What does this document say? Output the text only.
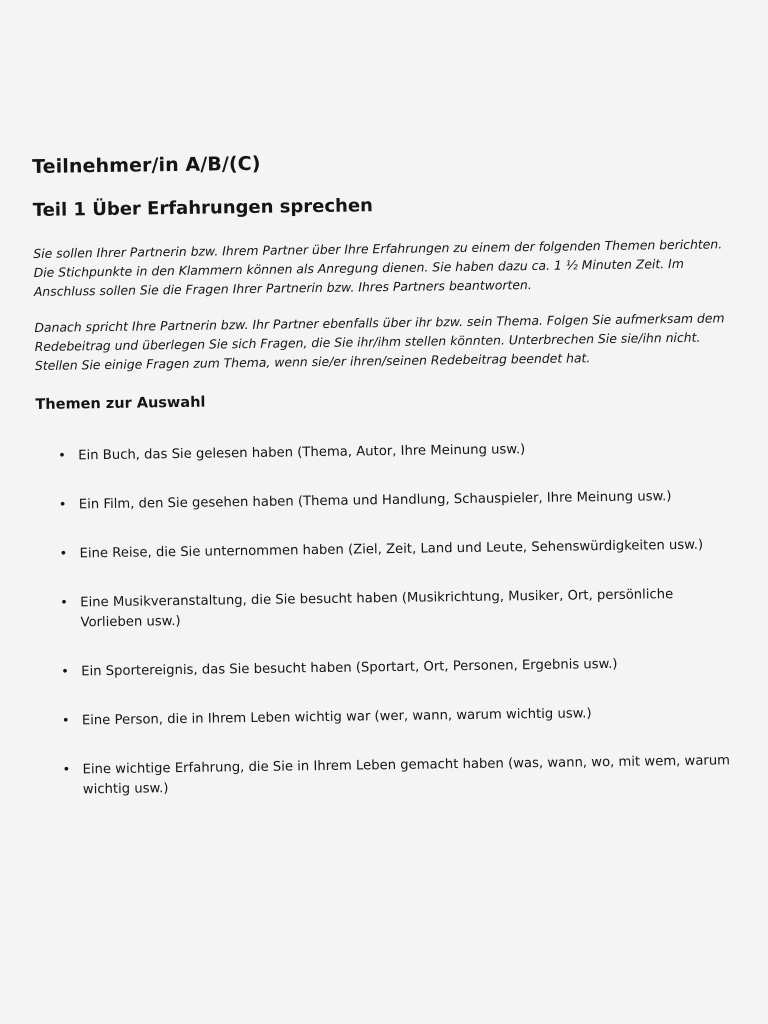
Teilnehmer/in A/B/(C)
Teil 1 Über Erfahrungen sprechen

Sie sollen Ihrer Partnerin bzw. Ihrem Partner über Ihre Erfahrungen zu einem der folgenden Themen berichten. Die Stichpunkte in den Klammern können als Anregung dienen. Sie haben dazu ca. 1 ½ Minuten Zeit. Im Anschluss sollen Sie die Fragen Ihrer Partnerin bzw. Ihres Partners beantworten.

Danach spricht Ihre Partnerin bzw. Ihr Partner ebenfalls über ihr bzw. sein Thema. Folgen Sie aufmerksam dem Redebeitrag und überlegen Sie sich Fragen, die Sie ihr/ihm stellen könnten. Unterbrechen Sie sie/ihn nicht. Stellen Sie einige Fragen zum Thema, wenn sie/er ihren/seinen Redebeitrag beendet hat.

Themen zur Auswahl
• Ein Buch, das Sie gelesen haben (Thema, Autor, Ihre Meinung usw.)
• Ein Film, den Sie gesehen haben (Thema und Handlung, Schauspieler, Ihre Meinung usw.)
• Eine Reise, die Sie unternommen haben (Ziel, Zeit, Land und Leute, Sehenswürdigkeiten usw.)
• Eine Musikveranstaltung, die Sie besucht haben (Musikrichtung, Musiker, Ort, persönliche Vorlieben usw.)
• Ein Sportereignis, das Sie besucht haben (Sportart, Ort, Personen, Ergebnis usw.)
• Eine Person, die in Ihrem Leben wichtig war (wer, wann, warum wichtig usw.)
• Eine wichtige Erfahrung, die Sie in Ihrem Leben gemacht haben (was, wann, wo, mit wem, warum wichtig usw.)
